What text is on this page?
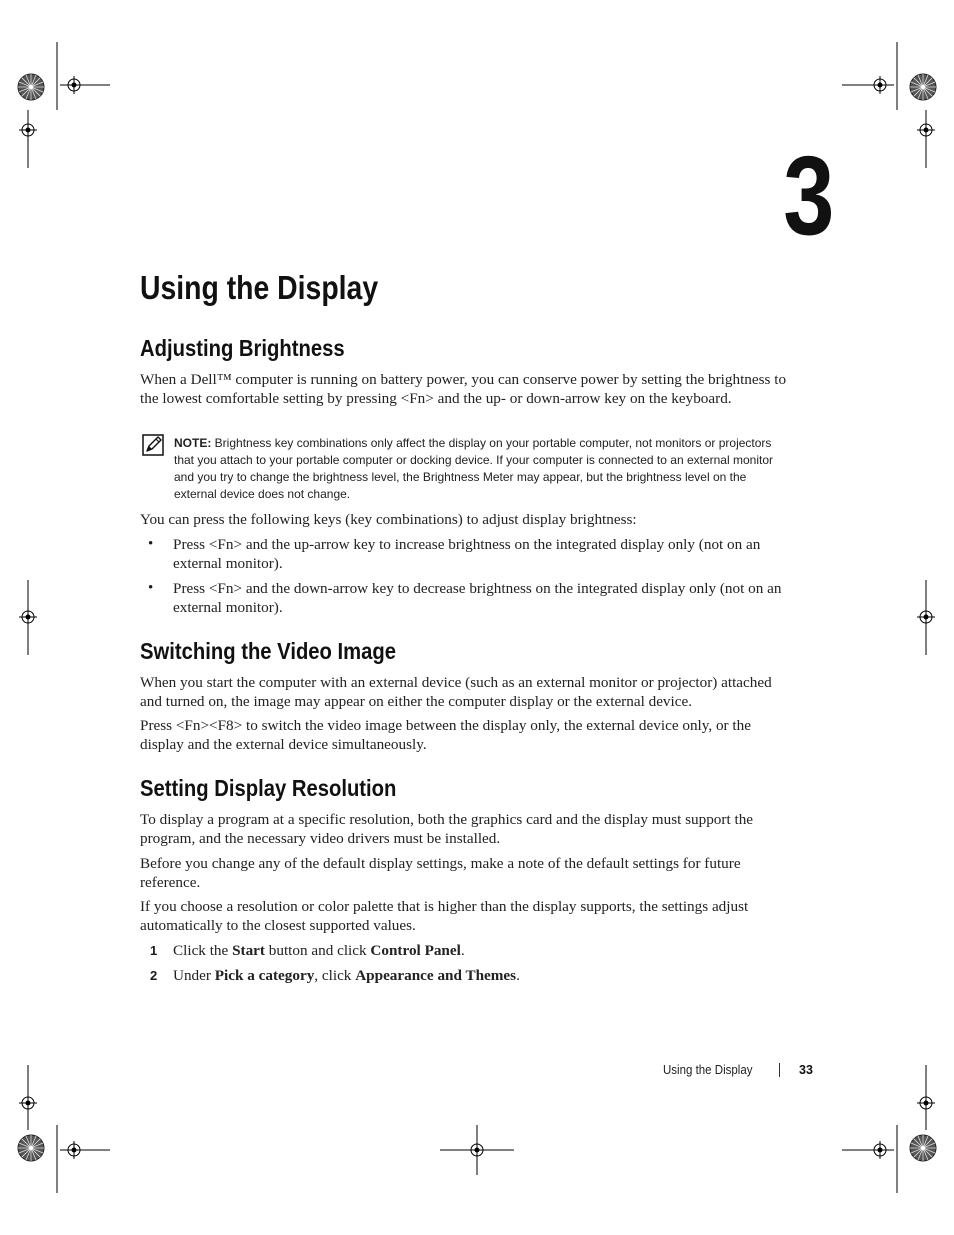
3
Using the Display
Adjusting Brightness

When a Dell™ computer is running on battery power, you can conserve power by setting the brightness to the lowest comfortable setting by pressing <Fn> and the up- or down-arrow key on the keyboard.

NOTE: Brightness key combinations only affect the display on your portable computer, not monitors or projectors that you attach to your portable computer or docking device. If your computer is connected to an external monitor and you try to change the brightness level, the Brightness Meter may appear, but the brightness level on the external device does not change.

You can press the following keys (key combinations) to adjust display brightness:

• Press <Fn> and the up-arrow key to increase brightness on the integrated display only (not on an external monitor).

• Press <Fn> and the down-arrow key to decrease brightness on the integrated display only (not on an external monitor).

Switching the Video Image

When you start the computer with an external device (such as an external monitor or projector) attached and turned on, the image may appear on either the computer display or the external device.

Press <Fn><F8> to switch the video image between the display only, the external device only, or the display and the external device simultaneously.

Setting Display Resolution

To display a program at a specific resolution, both the graphics card and the display must support the program, and the necessary video drivers must be installed.

Before you change any of the default display settings, make a note of the default settings for future reference.

If you choose a resolution or color palette that is higher than the display supports, the settings adjust automatically to the closest supported values.

1 Click the Start button and click Control Panel.

2 Under Pick a category, click Appearance and Themes.

Using the Display	33
